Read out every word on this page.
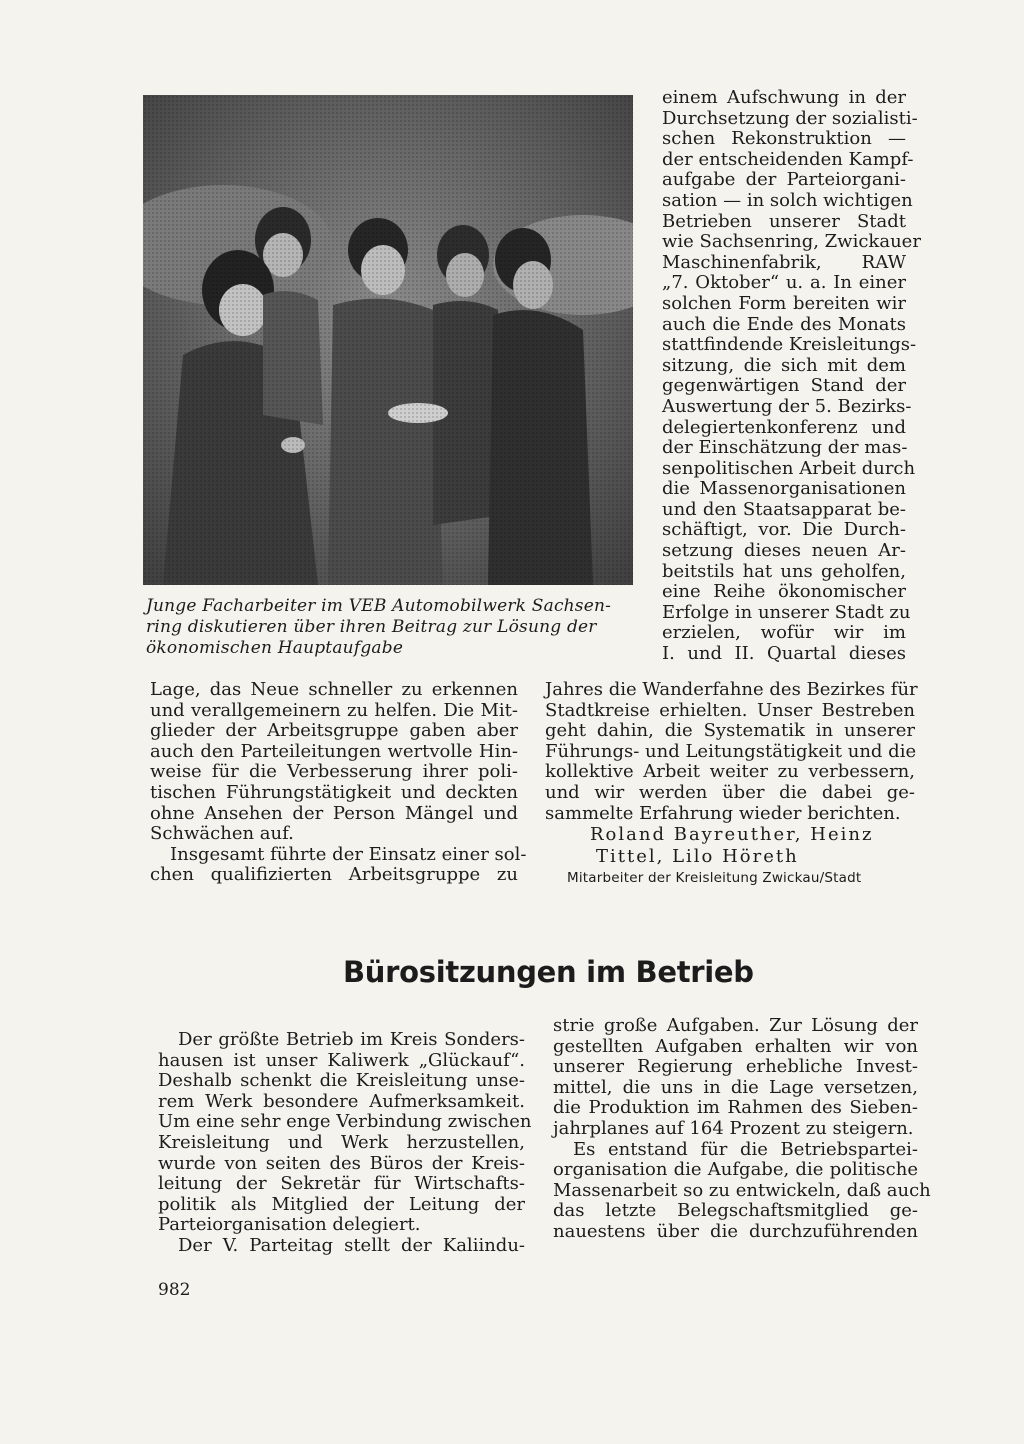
Junge Facharbeiter im VEB Automobilwerk Sachsen-
ring diskutieren über ihren Beitrag zur Lösung der
ökonomischen Hauptaufgabe
einem Aufschwung in der
Durchsetzung der sozialisti-
schen Rekonstruktion —
der entscheidenden Kampf-
aufgabe der Parteiorgani-
sation — in solch wichtigen
Betrieben unserer Stadt
wie Sachsenring, Zwickauer
Maschinenfabrik, RAW
„7. Oktober“ u. a. In einer
solchen Form bereiten wir
auch die Ende des Monats
stattfindende Kreisleitungs-
sitzung, die sich mit dem
gegenwärtigen Stand der
Auswertung der 5. Bezirks-
delegiertenkonferenz und
der Einschätzung der mas-
senpolitischen Arbeit durch
die Massenorganisationen
und den Staatsapparat be-
schäftigt, vor. Die Durch-
setzung dieses neuen Ar-
beitstils hat uns geholfen,
eine Reihe ökonomischer
Erfolge in unserer Stadt zu
erzielen, wofür wir im
I. und II. Quartal dieses
Jahres die Wanderfahne des Bezirkes für
Stadtkreise erhielten. Unser Bestreben
geht dahin, die Systematik in unserer
Führungs- und Leitungstätigkeit und die
kollektive Arbeit weiter zu verbessern,
und wir werden über die dabei ge-
sammelte Erfahrung wieder berichten.
Lage, das Neue schneller zu erkennen
und verallgemeinern zu helfen. Die Mit-
glieder der Arbeitsgruppe gaben aber
auch den Parteileitungen wertvolle Hin-
weise für die Verbesserung ihrer poli-
tischen Führungstätigkeit und deckten
ohne Ansehen der Person Mängel und
Schwächen auf.
Insgesamt führte der Einsatz einer sol-
chen qualifizierten Arbeitsgruppe zu
Roland Bayreuther, Heinz
Tittel, Lilo Höreth
Mitarbeiter der Kreisleitung Zwickau/Stadt
Bürositzungen im Betrieb
Der größte Betrieb im Kreis Sonders-
hausen ist unser Kaliwerk „Glückauf“.
Deshalb schenkt die Kreisleitung unse-
rem Werk besondere Aufmerksamkeit.
Um eine sehr enge Verbindung zwischen
Kreisleitung und Werk herzustellen,
wurde von seiten des Büros der Kreis-
leitung der Sekretär für Wirtschafts-
politik als Mitglied der Leitung der
Parteiorganisation delegiert.
Der V. Parteitag stellt der Kaliindu-
strie große Aufgaben. Zur Lösung der
gestellten Aufgaben erhalten wir von
unserer Regierung erhebliche Invest-
mittel, die uns in die Lage versetzen,
die Produktion im Rahmen des Sieben-
jahrplanes auf 164 Prozent zu steigern.
Es entstand für die Betriebspartei-
organisation die Aufgabe, die politische
Massenarbeit so zu entwickeln, daß auch
das letzte Belegschaftsmitglied ge-
nauestens über die durchzuführenden
982
